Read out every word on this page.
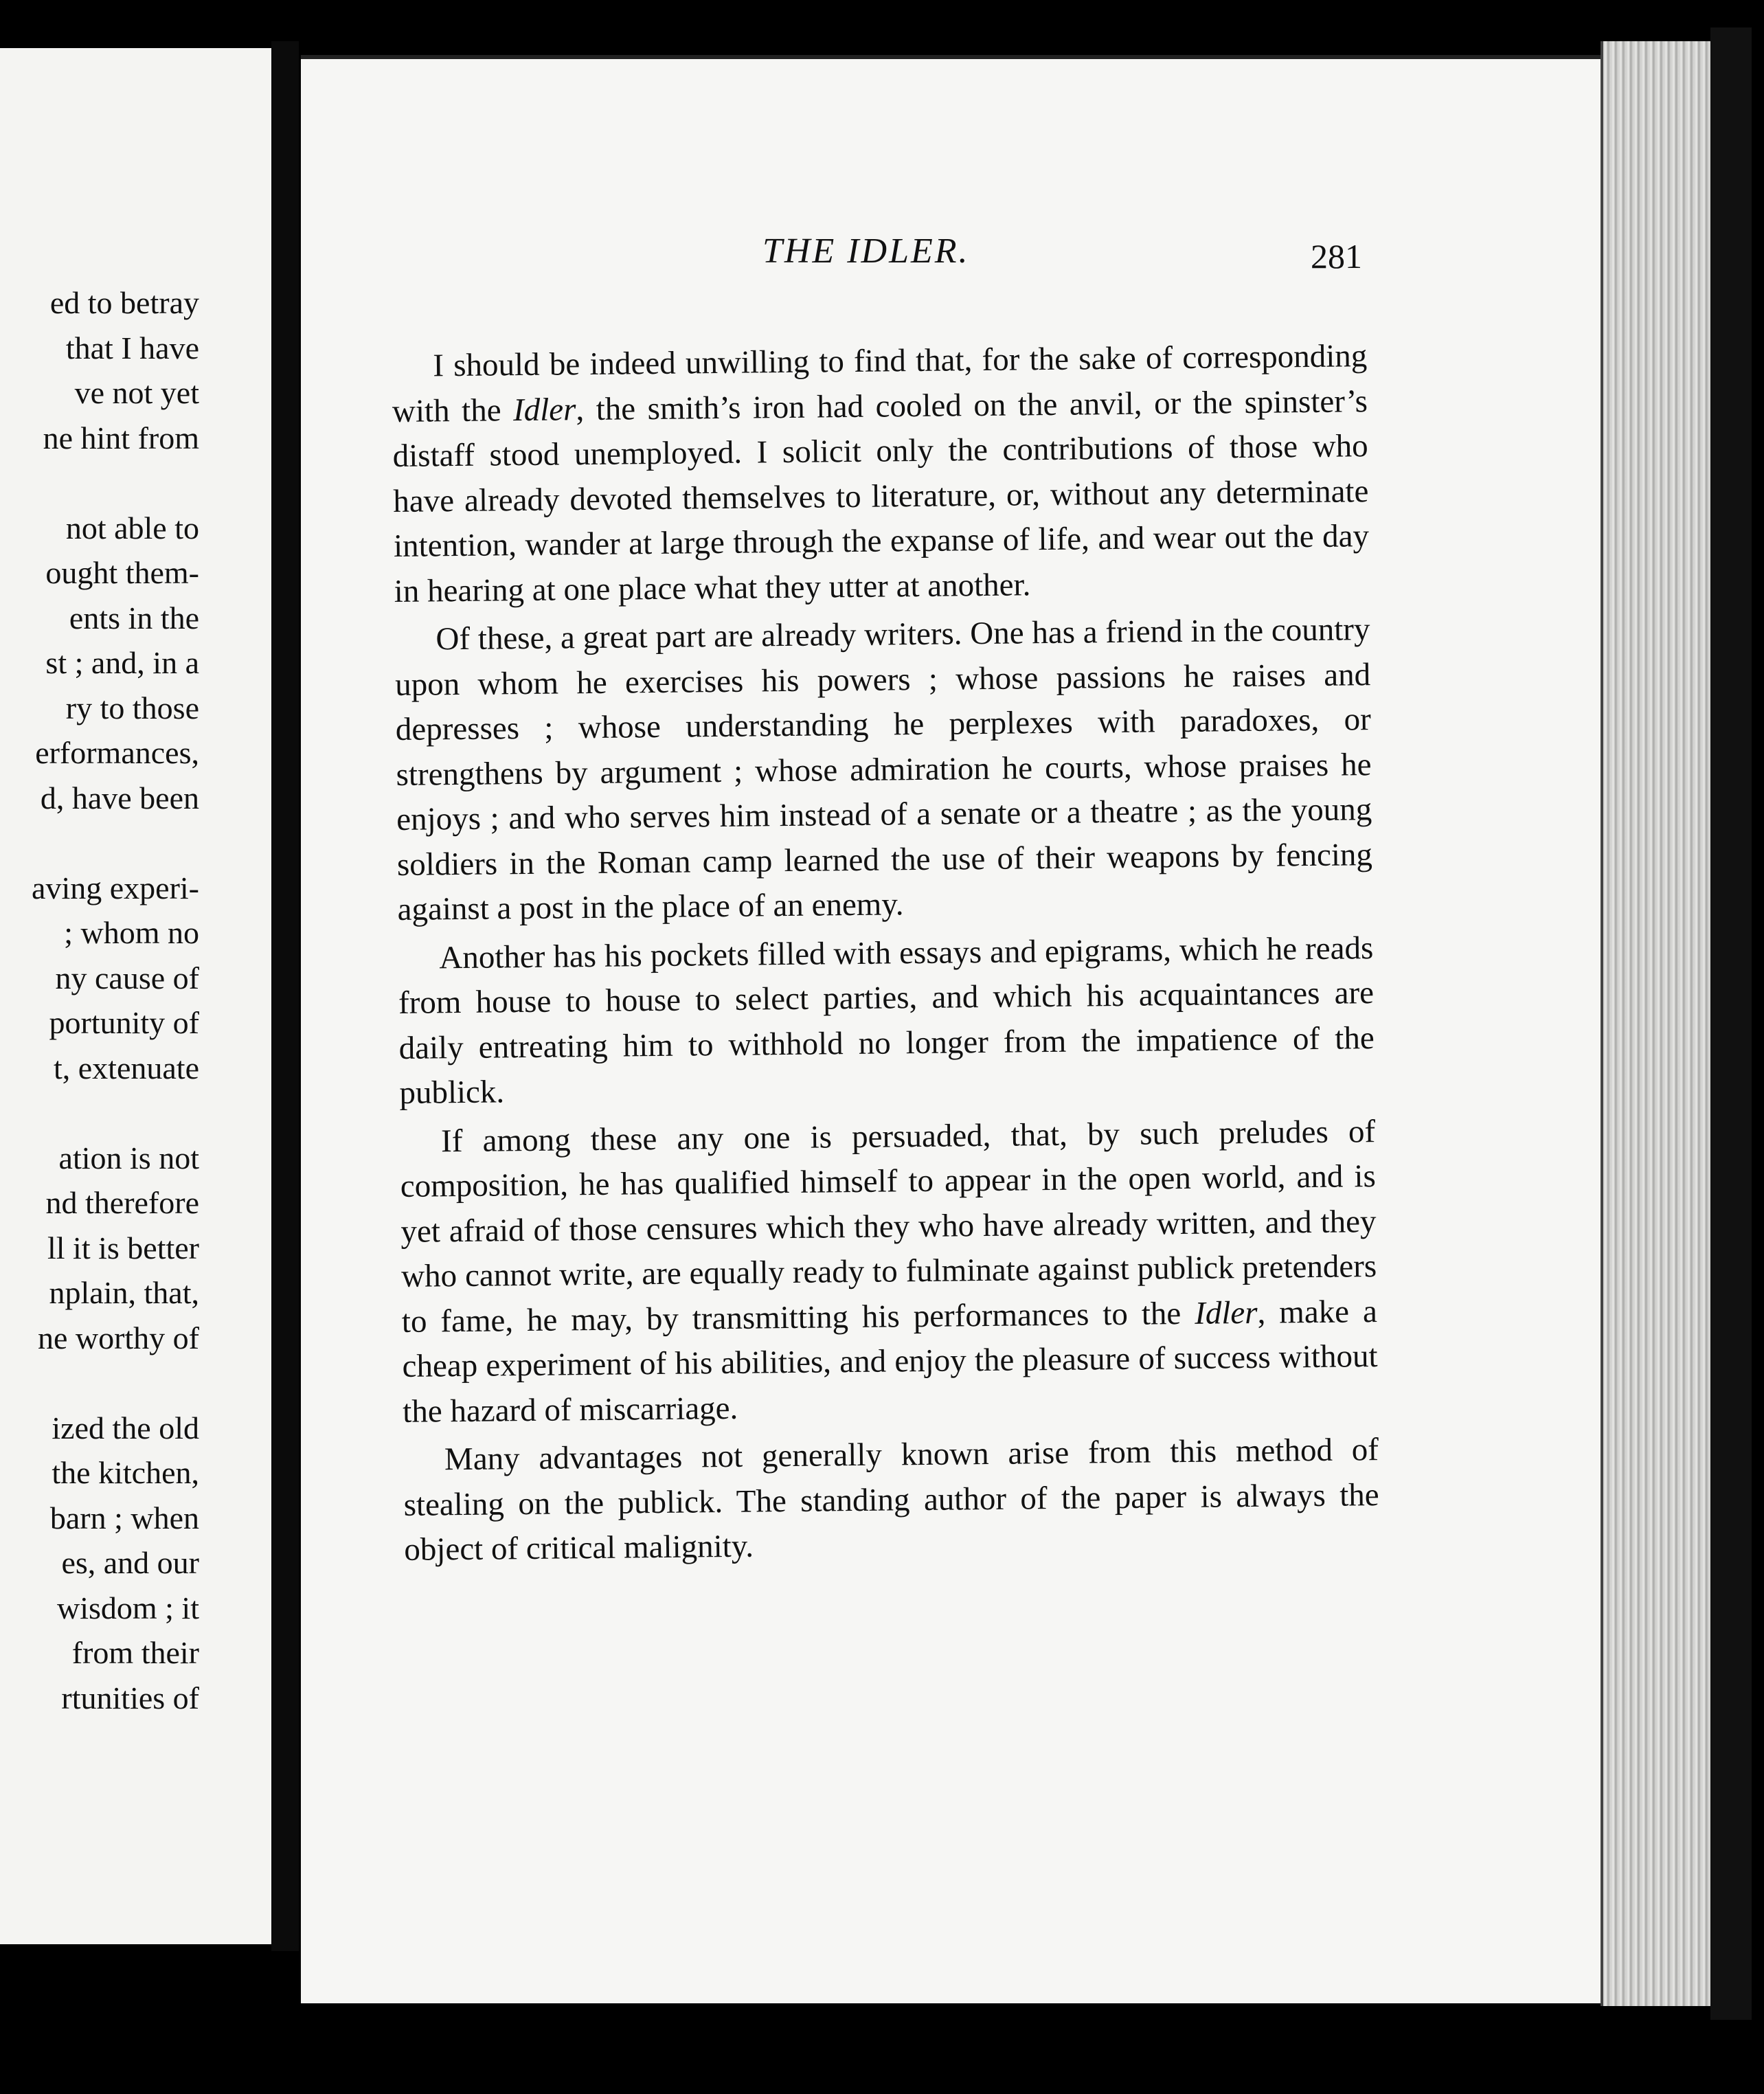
ed to betray
that I have
ve not yet
ne hint from
not able to
ought them-
ents in the
st ; and, in a
ry to those
erformances,
d, have been
aving experi-
; whom no
ny cause of
portunity of
t, extenuate
ation is not
nd therefore
ll it is better
nplain, that,
ne worthy of
ized the old
the kitchen,
barn ; when
es, and our
wisdom ; it
from their
rtunities of
THE IDLER.	281

I should be indeed unwilling to find that, for the sake of corresponding with the Idler, the smith’s iron had cooled on the anvil, or the spinster’s distaff stood unemployed. I solicit only the contributions of those who have already devoted themselves to literature, or, without any determinate intention, wander at large through the expanse of life, and wear out the day in hearing at one place what they utter at another.

Of these, a great part are already writers. One has a friend in the country upon whom he exercises his powers ; whose passions he raises and depresses ; whose understanding he perplexes with paradoxes, or strengthens by argument ; whose admiration he courts, whose praises he enjoys ; and who serves him instead of a senate or a theatre ; as the young soldiers in the Roman camp learned the use of their weapons by fencing against a post in the place of an enemy.

Another has his pockets filled with essays and epigrams, which he reads from house to house to select parties, and which his acquaintances are daily entreating him to withhold no longer from the impatience of the publick.

If among these any one is persuaded, that, by such preludes of composition, he has qualified himself to appear in the open world, and is yet afraid of those censures which they who have already written, and they who cannot write, are equally ready to fulminate against publick pretenders to fame, he may, by transmitting his performances to the Idler, make a cheap experiment of his abilities, and enjoy the pleasure of success without the hazard of miscarriage.

Many advantages not generally known arise from this method of stealing on the publick. The standing author of the paper is always the object of critical malignity.
